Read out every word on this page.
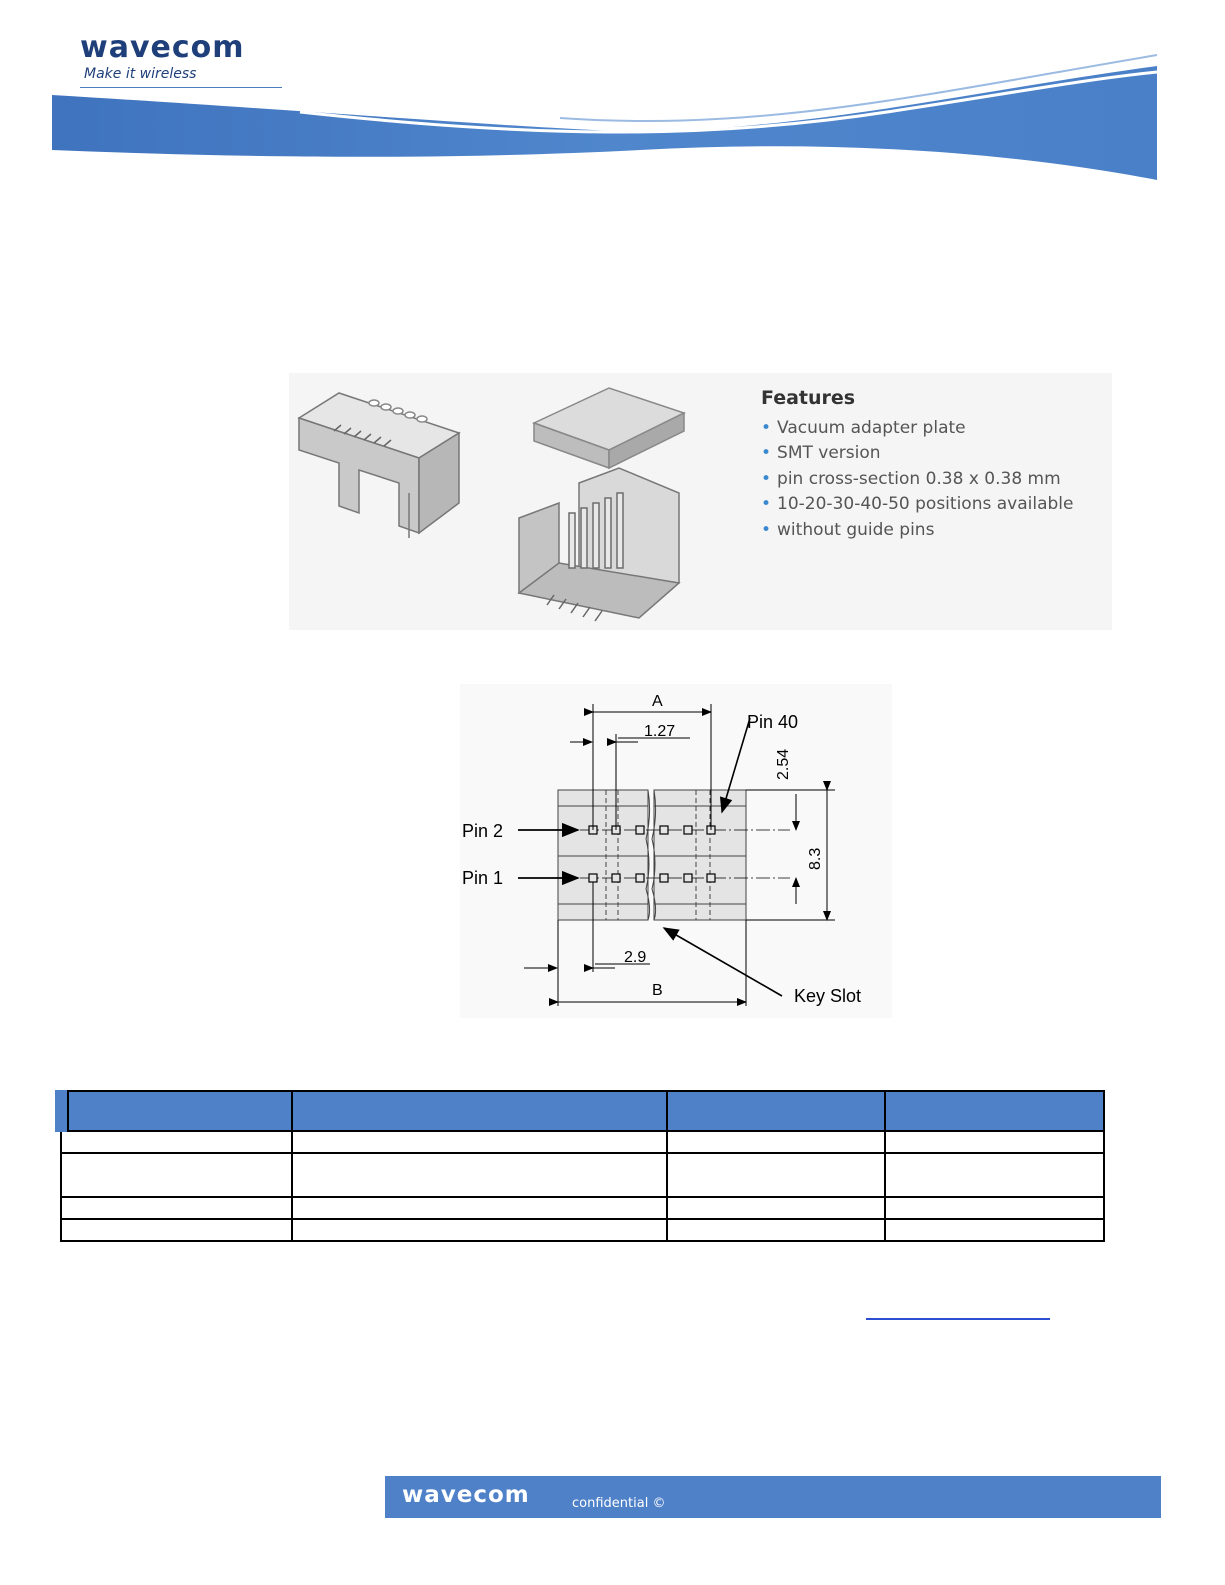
wavecom
Make it wireless
Features
• Vacuum adapter plate
• SMT version
• pin cross-section 0.38 x 0.38 mm
• 10-20-30-40-50 positions available
• without guide pins
A
1.27	Pin 40
2.54
8.3
Pin 2
Pin 1
2.9
B	Key Slot

wavecom	confidential ©
